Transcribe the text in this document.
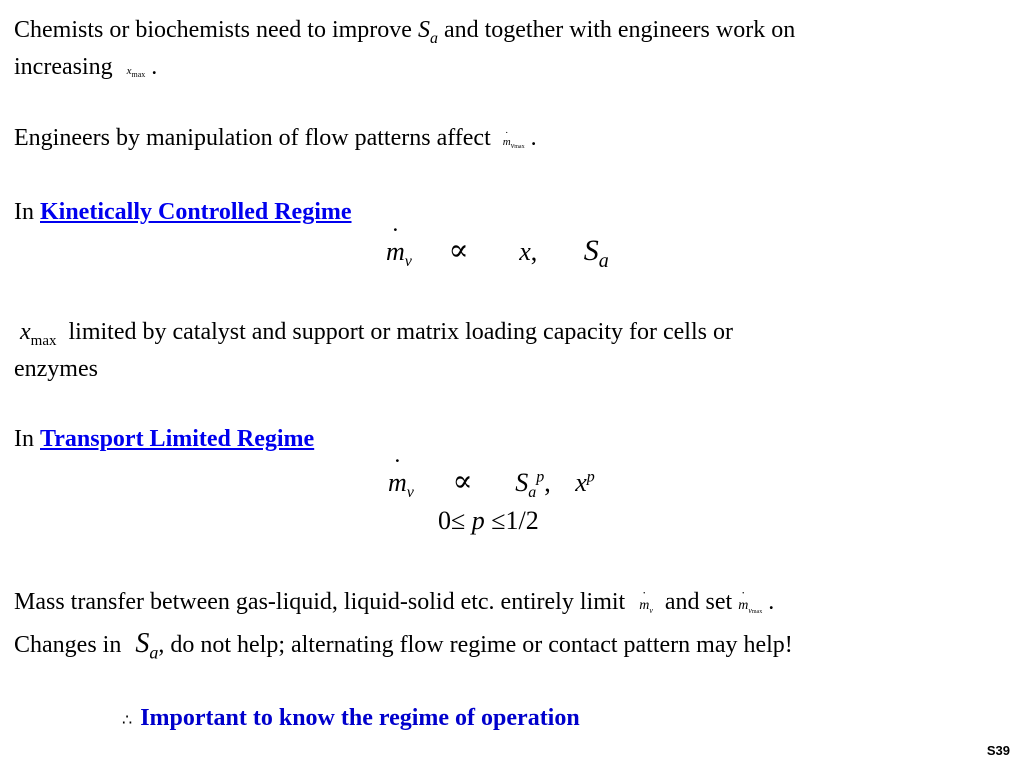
Chemists or biochemists need to improve $S_a$ and together with engineers work on
increasing $x_{max}$ .
Engineers by manipulation of flow patterns affect ˙ $m_{vmax}$ .
In Kinetically Controlled Regime
˙ $m_v \propto x$, $S_a$
$x_{max}$ limited by catalyst and support or matrix loading capacity for cells or
enzymes
In Transport Limited Regime
˙ $m_v \propto S_a^p$, $x^p$
0≤ p ≤1/2
Mass transfer between gas-liquid, liquid-solid etc. entirely limit ˙ $m_v$ and set ˙ $m_{vmax}$ .
Changes in $S_a$, do not help; alternating flow regime or contact pattern may help!
∴ Important to know the regime of operation
S39
